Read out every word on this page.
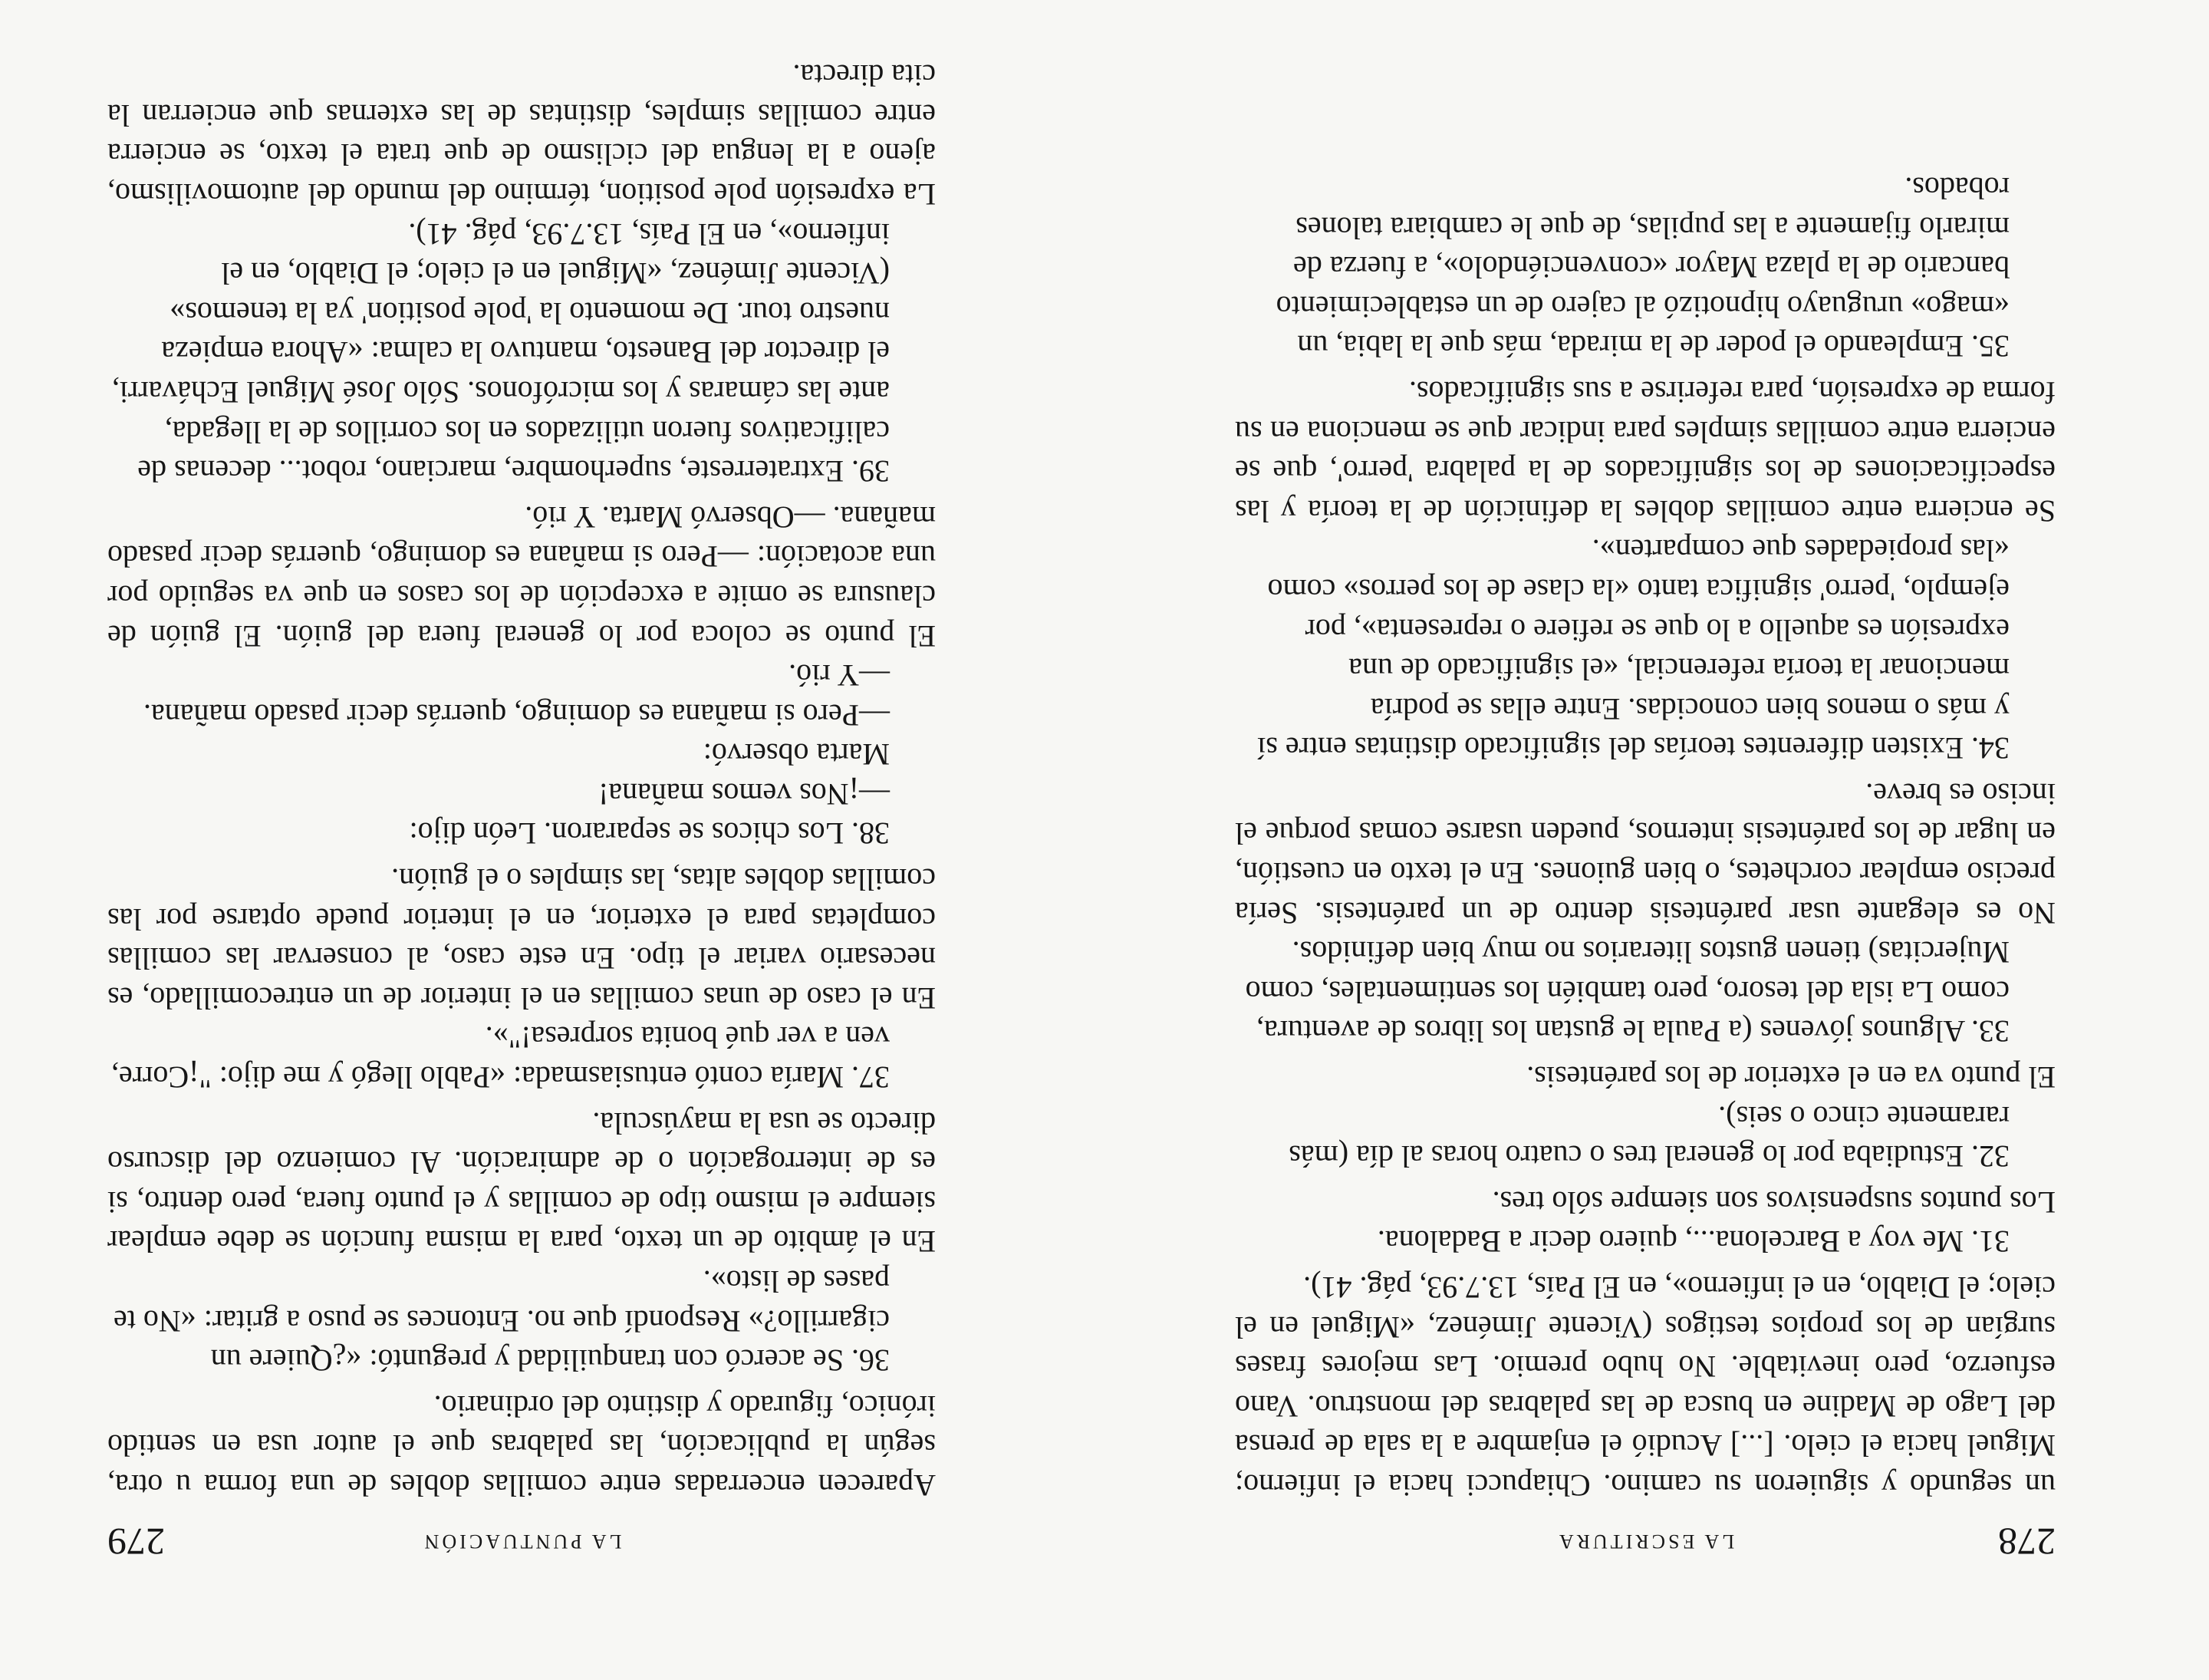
278
LA ESCRITURA

un segundo y siguieron su camino. Chiapucci hacia el infierno; Miguel hacia el cielo. [...] Acudió el enjambre a la sala de prensa del Lago de Madine en busca de las palabras del monstruo. Vano esfuerzo, pero inevitable. No hubo premio. Las mejores frases surgían de los propios testigos (Vicente Jiménez, «Miguel en el cielo; el Diablo, en el infierno», en El País, 13.7.93, pág. 41).

31. Me voy a Barcelona..., quiero decir a Badalona.

Los puntos suspensivos son siempre sólo tres.

32. Estudiaba por lo general tres o cuatro horas al día (más raramente cinco o seis).

El punto va en el exterior de los paréntesis.

33. Algunos jóvenes (a Paula le gustan los libros de aventura, como La isla del tesoro, pero también los sentimentales, como Mujercitas) tienen gustos literarios no muy bien definidos.

No es elegante usar paréntesis dentro de un paréntesis. Sería preciso emplear corchetes, o bien guiones. En el texto en cuestión, en lugar de los paréntesis internos, pueden usarse comas porque el inciso es breve.

34. Existen diferentes teorías del significado distintas entre sí y más o menos bien conocidas. Entre ellas se podría mencionar la teoría referencial, «el significado de una expresión es aquello a lo que se refiere o representa», por ejemplo, 'perro' significa tanto «la clase de los perros» como «las propiedades que comparten».

Se encierra entre comillas dobles la definición de la teoría y las especificaciones de los significados de la palabra 'perro', que se encierra entre comillas simples para indicar que se menciona en su forma de expresión, para referirse a sus significados.

35. Empleando el poder de la mirada, más que la labia, un «mago» uruguayo hipnotizó al cajero de un establecimiento bancario de la plaza Mayor «convenciéndolo», a fuerza de mirarlo fijamente a las pupilas, de que le cambiara talones robados.

LA PUNTUACIÓN
279

Aparecen encerradas entre comillas dobles de una forma u otra, según la publicación, las palabras que el autor usa en sentido irónico, figurado y distinto del ordinario.

36. Se acercó con tranquilidad y preguntó: «¿Quiere un cigarrillo?» Respondí que no. Entonces se puso a gritar: «No te pases de listo».

En el ámbito de un texto, para la misma función se debe emplear siempre el mismo tipo de comillas y el punto fuera, pero dentro, si es de interrogación o de admiración. Al comienzo del discurso directo se usa la mayúscula.

37. María contó entusiasmada: «Pablo llegó y me dijo: "¡Corre, ven a ver qué bonita sorpresa!"».

En el caso de unas comillas en el interior de un entrecomillado, es necesario variar el tipo. En este caso, al conservar las comillas completas para el exterior, en el interior puede optarse por las comillas dobles altas, las simples o el guión.

38. Los chicos se separaron. León dijo:

—¡Nos vemos mañana!

Marta observó:

—Pero si mañana es domingo, querrás decir pasado mañana. —Y rió.

El punto se coloca por lo general fuera del guión. El guión de clausura se omite a excepción de los casos en que va seguido por una acotación: —Pero si mañana es domingo, querrás decir pasado mañana. —Observó Marta. Y rió.

39. Extraterreste, superhombre, marciano, robot... decenas de calificativos fueron utilizados en los corrillos de la llegada, ante las cámaras y los micrófonos. Sólo José Miguel Echávarri, el director del Banesto, mantuvo la calma: «Ahora empieza nuestro tour. De momento la 'pole position' ya la tenemos» (Vicente Jiménez, «Miguel en el cielo; el Diablo, en el infierno», en El País, 13.7.93, pág. 41).

La expresión pole position, término del mundo del automovilismo, ajeno a la lengua del ciclismo de que trata el texto, se encierra entre comillas simples, distintas de las externas que encierran la cita directa.
